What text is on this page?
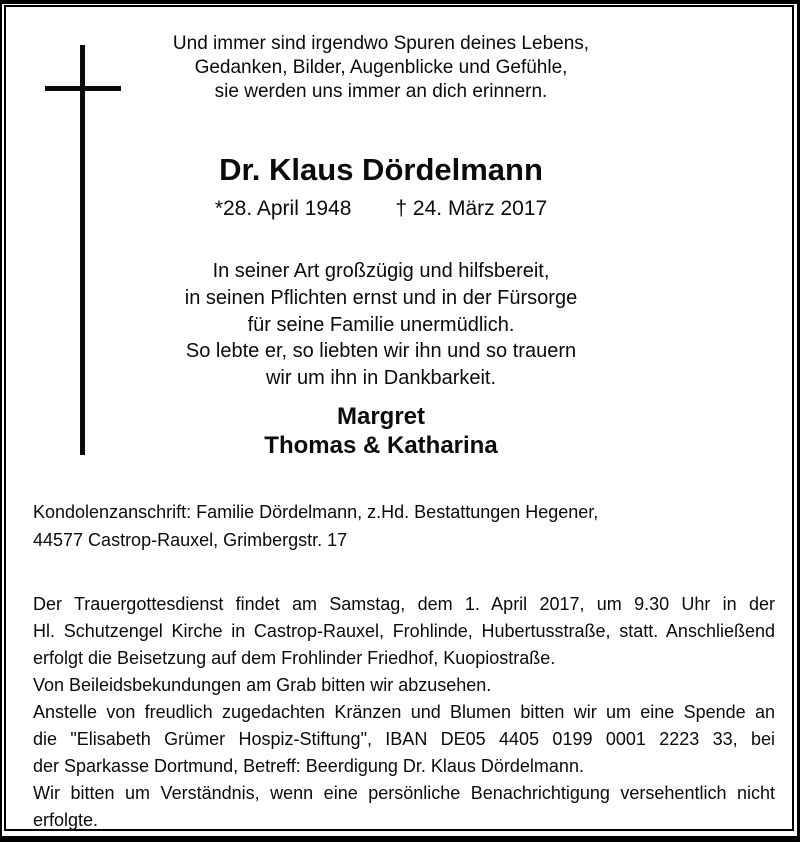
Und immer sind irgendwo Spuren deines Lebens,
Gedanken, Bilder, Augenblicke und Gefühle,
sie werden uns immer an dich erinnern.
Dr. Klaus Dördelmann
*28. April 1948 † 24. März 2017
In seiner Art großzügig und hilfsbereit,
in seinen Pflichten ernst und in der Fürsorge
für seine Familie unermüdlich.
So lebte er, so liebten wir ihn und so trauern
wir um ihn in Dankbarkeit.
Margret
Thomas & Katharina
Kondolenzanschrift: Familie Dördelmann, z.Hd. Bestattungen Hegener,
44577 Castrop-Rauxel, Grimbergstr. 17
Der Trauergottesdienst findet am Samstag, dem 1. April 2017, um 9.30 Uhr in der
Hl. Schutzengel Kirche in Castrop-Rauxel, Frohlinde, Hubertusstraße, statt. Anschließend
erfolgt die Beisetzung auf dem Frohlinder Friedhof, Kuopiostraße.
Von Beileidsbekundungen am Grab bitten wir abzusehen.
Anstelle von freudlich zugedachten Kränzen und Blumen bitten wir um eine Spende an
die "Elisabeth Grümer Hospiz-Stiftung", IBAN DE05 4405 0199 0001 2223 33, bei
der Sparkasse Dortmund, Betreff: Beerdigung Dr. Klaus Dördelmann.
Wir bitten um Verständnis, wenn eine persönliche Benachrichtigung versehentlich nicht
erfolgte.
